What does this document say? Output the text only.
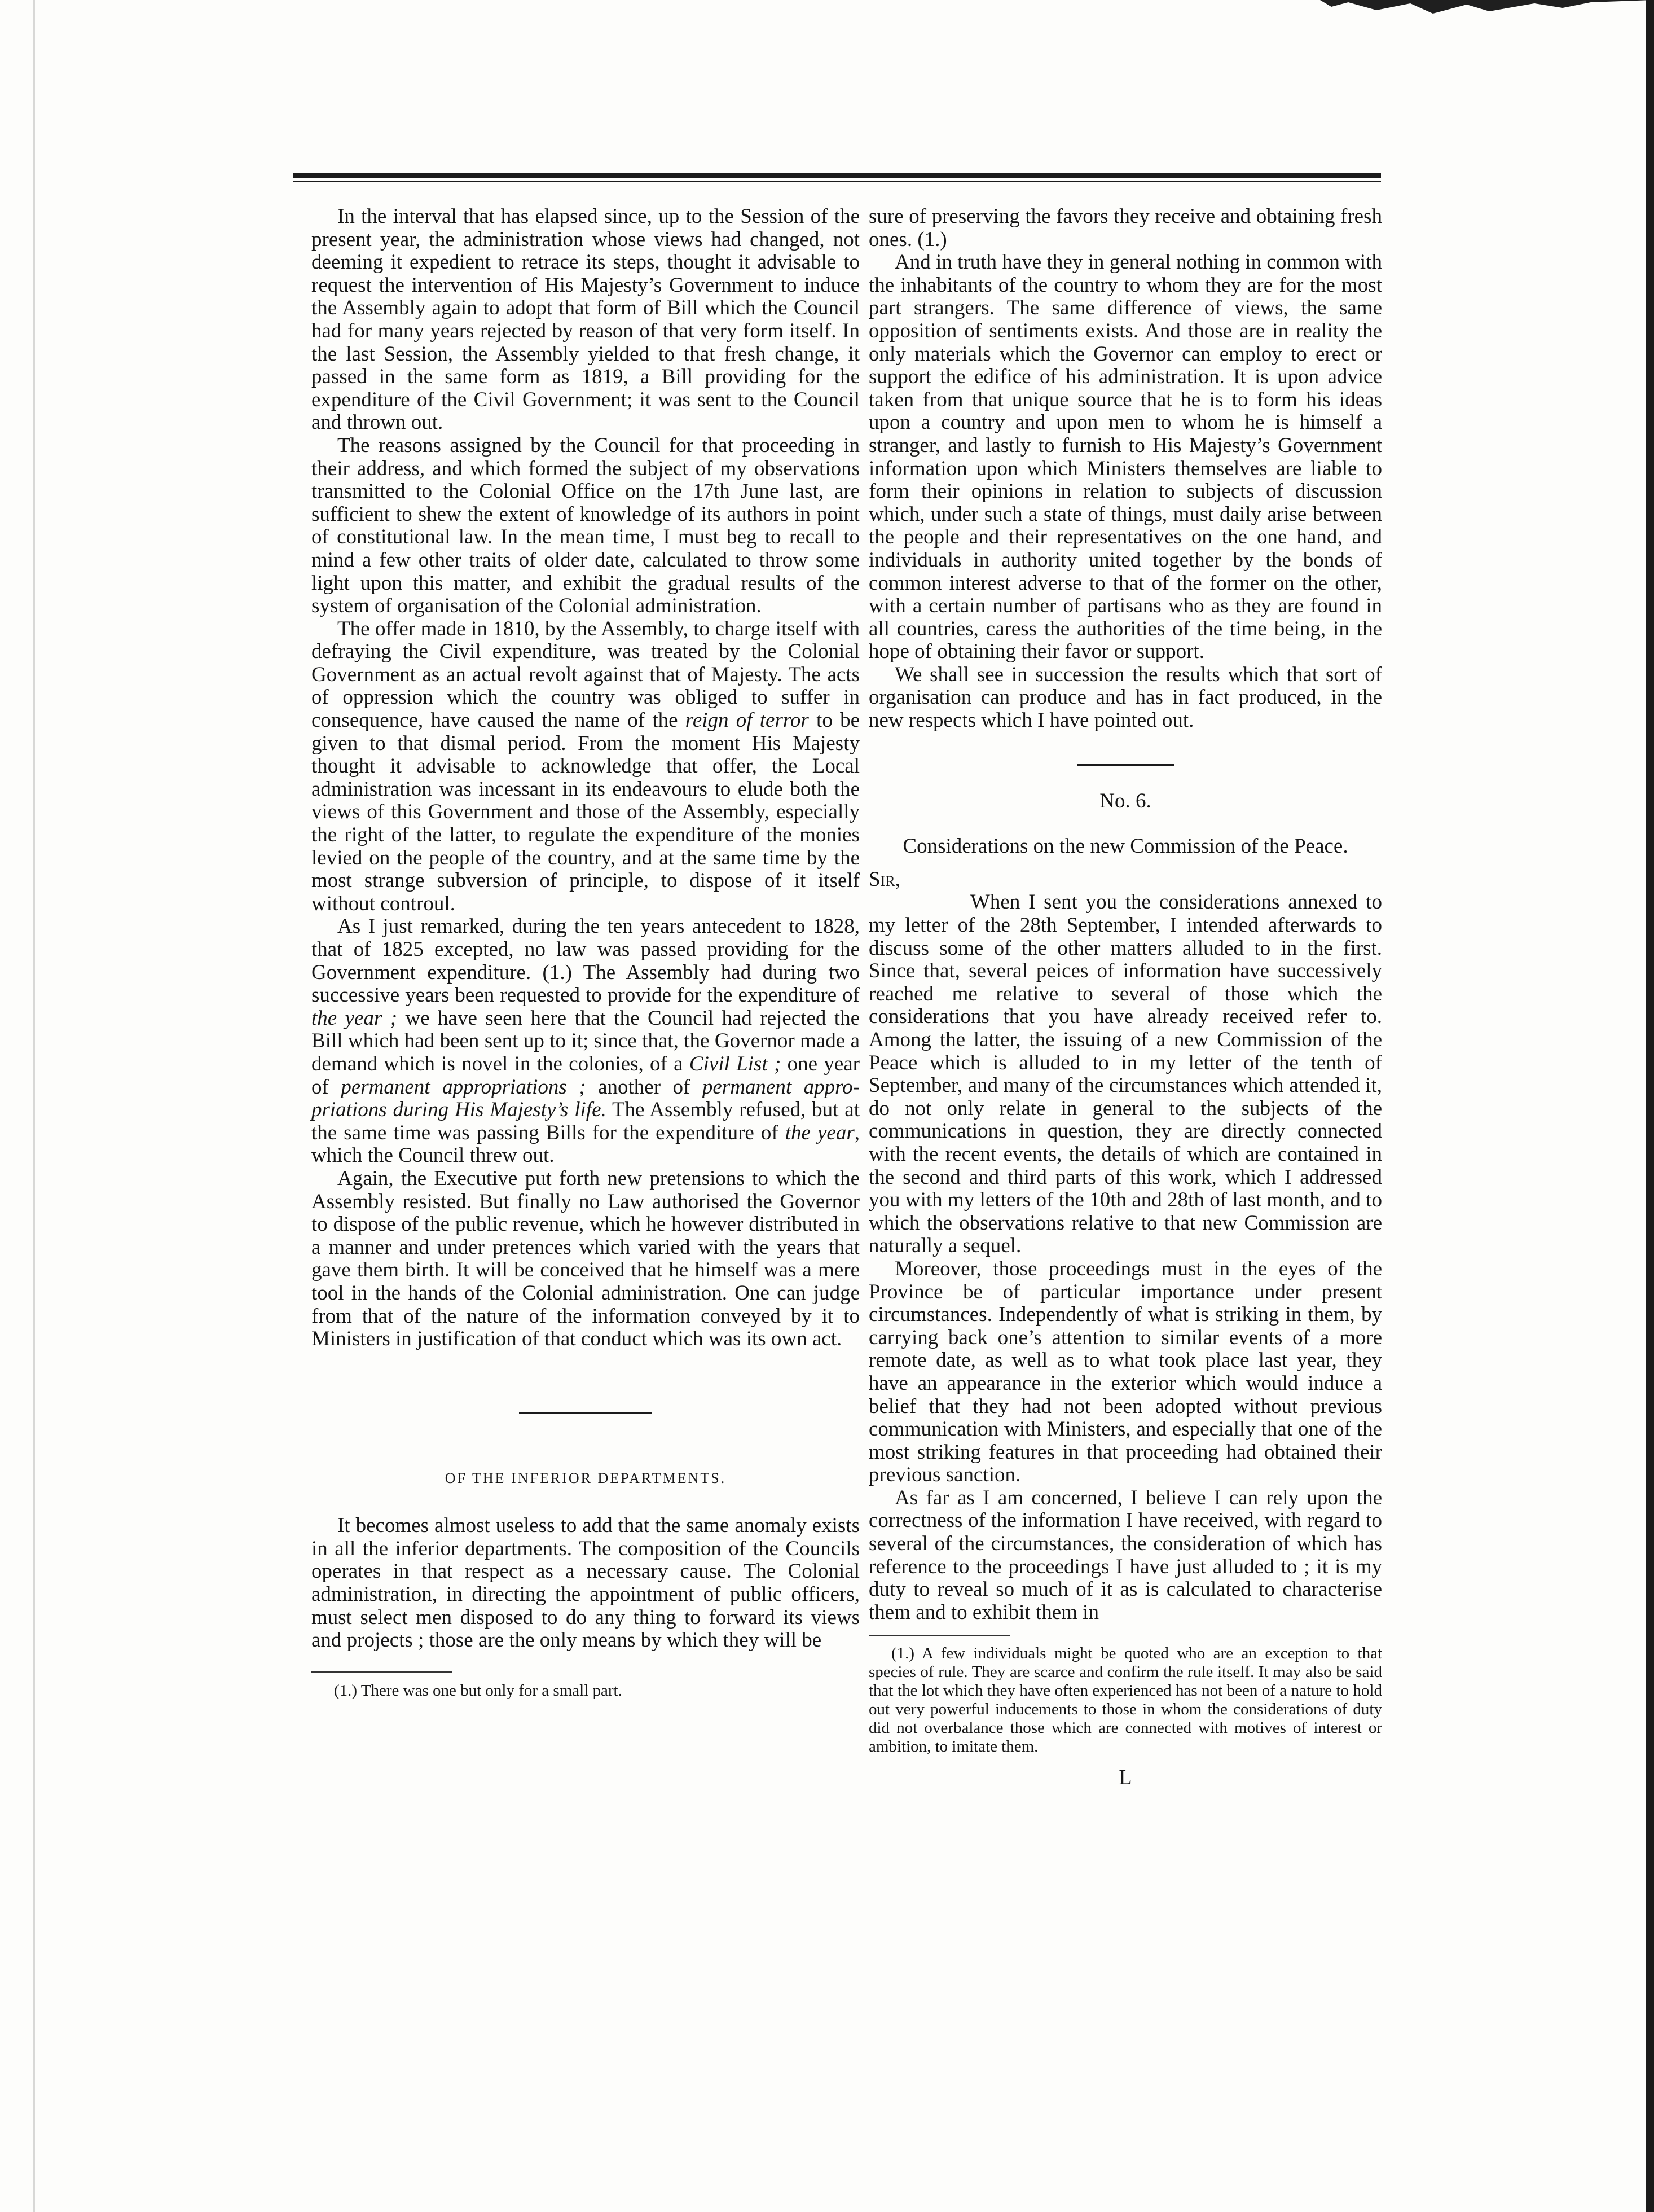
In the interval that has elapsed since, up to the Session of the present year, the administration whose views had changed, not deeming it expedient to retrace its steps, thought it advisable to request the intervention of His Majesty’s Government to induce the Assembly again to adopt that form of Bill which the Council had for many years rejected by reason of that very form itself. In the last Session, the Assembly yielded to that fresh change, it passed in the same form as 1819, a Bill providing for the expenditure of the Civil Government; it was sent to the Council and thrown out.

The reasons assigned by the Council for that proceeding in their address, and which formed the subject of my observations transmitted to the Colonial Office on the 17th June last, are sufficient to shew the extent of knowledge of its authors in point of constitutional law. In the mean time, I must beg to recall to mind a few other traits of older date, calculated to throw some light upon this matter, and exhibit the gradual results of the system of organisation of the Colonial administration.

The offer made in 1810, by the Assembly, to charge itself with defraying the Civil expenditure, was treated by the Colonial Government as an actual revolt against that of Majesty. The acts of oppression which the country was obliged to suffer in consequence, have caused the name of the reign of terror to be given to that dismal period. From the moment His Majesty thought it advisable to acknowledge that offer, the Local administration was incessant in its endeavours to elude both the views of this Government and those of the Assembly, especially the right of the latter, to regulate the expenditure of the monies levied on the people of the country, and at the same time by the most strange subversion of principle, to dispose of it itself without controul.

As I just remarked, during the ten years antecedent to 1828, that of 1825 excepted, no law was passed providing for the Government expenditure. (1.) The Assembly had during two successive years been requested to provide for the expenditure of the year ; we have seen here that the Council had rejected the Bill which had been sent up to it; since that, the Governor made a demand which is novel in the colonies, of a Civil List ; one year of permanent appropriations ; another of permanent appropriations during His Majesty’s life. The Assembly refused, but at the same time was passing Bills for the expenditure of the year, which the Council threw out.

Again, the Executive put forth new pretensions to which the Assembly resisted. But finally no Law authorised the Governor to dispose of the public revenue, which he however distributed in a manner and under pretences which varied with the years that gave them birth. It will be conceived that he himself was a mere tool in the hands of the Colonial administration. One can judge from that of the nature of the information conveyed by it to Ministers in justification of that conduct which was its own act.

OF THE INFERIOR DEPARTMENTS.

It becomes almost useless to add that the same anomaly exists in all the inferior departments. The composition of the Councils operates in that respect as a necessary cause. The Colonial administration, in directing the appointment of public officers, must select men disposed to do any thing to forward its views and projects ; those are the only means by which they will be

(1.) There was one but only for a small part.

sure of preserving the favors they receive and obtaining fresh ones. (1.)

And in truth have they in general nothing in common with the inhabitants of the country to whom they are for the most part strangers. The same difference of views, the same opposition of sentiments exists. And those are in reality the only materials which the Governor can employ to erect or support the edifice of his administration. It is upon advice taken from that unique source that he is to form his ideas upon a country and upon men to whom he is himself a stranger, and lastly to furnish to His Majesty’s Government information upon which Ministers themselves are liable to form their opinions in relation to subjects of discussion which, under such a state of things, must daily arise between the people and their representatives on the one hand, and individuals in authority united together by the bonds of common interest adverse to that of the former on the other, with a certain number of partisans who as they are found in all countries, caress the authorities of the time being, in the hope of obtaining their favor or support.

We shall see in succession the results which that sort of organisation can produce and has in fact produced, in the new respects which I have pointed out.

No. 6.

Considerations on the new Commission of the Peace.

Sir,

When I sent you the considerations annexed to my letter of the 28th September, I intended afterwards to discuss some of the other matters alluded to in the first. Since that, several peices of information have successively reached me relative to several of those which the considerations that you have already received refer to. Among the latter, the issuing of a new Commission of the Peace which is alluded to in my letter of the tenth of September, and many of the circumstances which attended it, do not only relate in general to the subjects of the communications in question, they are directly connected with the recent events, the details of which are contained in the second and third parts of this work, which I addressed you with my letters of the 10th and 28th of last month, and to which the observations relative to that new Commission are naturally a sequel.

Moreover, those proceedings must in the eyes of the Province be of particular importance under present circumstances. Independently of what is striking in them, by carrying back one’s attention to similar events of a more remote date, as well as to what took place last year, they have an appearance in the exterior which would induce a belief that they had not been adopted without previous communication with Ministers, and especially that one of the most striking features in that proceeding had obtained their previous sanction.

As far as I am concerned, I believe I can rely upon the correctness of the information I have received, with regard to several of the circumstances, the consideration of which has reference to the proceedings I have just alluded to ; it is my duty to reveal so much of it as is calculated to characterise them and to exhibit them in

(1.) A few individuals might be quoted who are an exception to that species of rule. They are scarce and confirm the rule itself. It may also be said that the lot which they have often experienced has not been of a nature to hold out very powerful inducements to those in whom the considerations of duty did not overbalance those which are connected with motives of interest or ambition, to imitate them.

L
